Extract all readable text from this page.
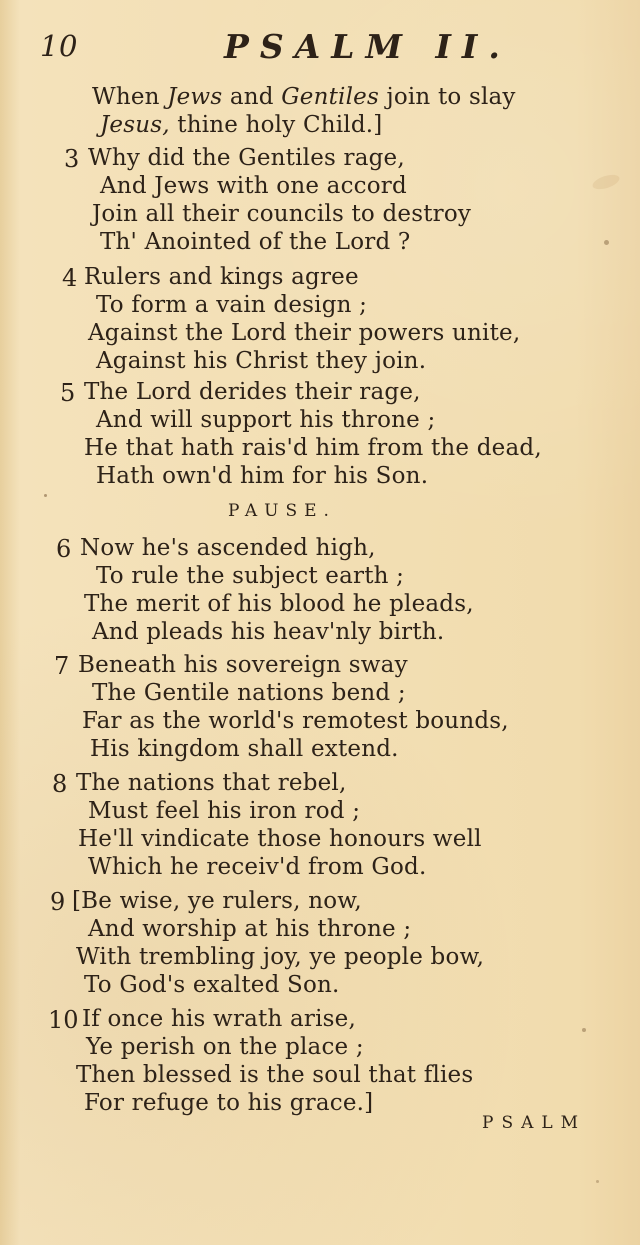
10	PSALM II.
When Jews and Gentiles join to slay
Jesus, thine holy Child.]
3 Why did the Gentiles rage,
And Jews with one accord
Join all their councils to destroy
Th' Anointed of the Lord ?
4 Rulers and kings agree
To form a vain design ;
Against the Lord their powers unite,
Against his Christ they join.
5 The Lord derides their rage,
And will support his throne ;
He that hath rais'd him from the dead,
Hath own'd him for his Son.
PAUSE.
6 Now he's ascended high,
To rule the subject earth ;
The merit of his blood he pleads,
And pleads his heav'nly birth.
7 Beneath his sovereign sway
The Gentile nations bend ;
Far as the world's remotest bounds,
His kingdom shall extend.
8 The nations that rebel,
Must feel his iron rod ;
He'll vindicate those honours well
Which he receiv'd from God.
9 [Be wise, ye rulers, now,
And worship at his throne ;
With trembling joy, ye people bow,
To God's exalted Son.
10 If once his wrath arise,
Ye perish on the place ;
Then blessed is the soul that flies
For refuge to his grace.]
PSALM
